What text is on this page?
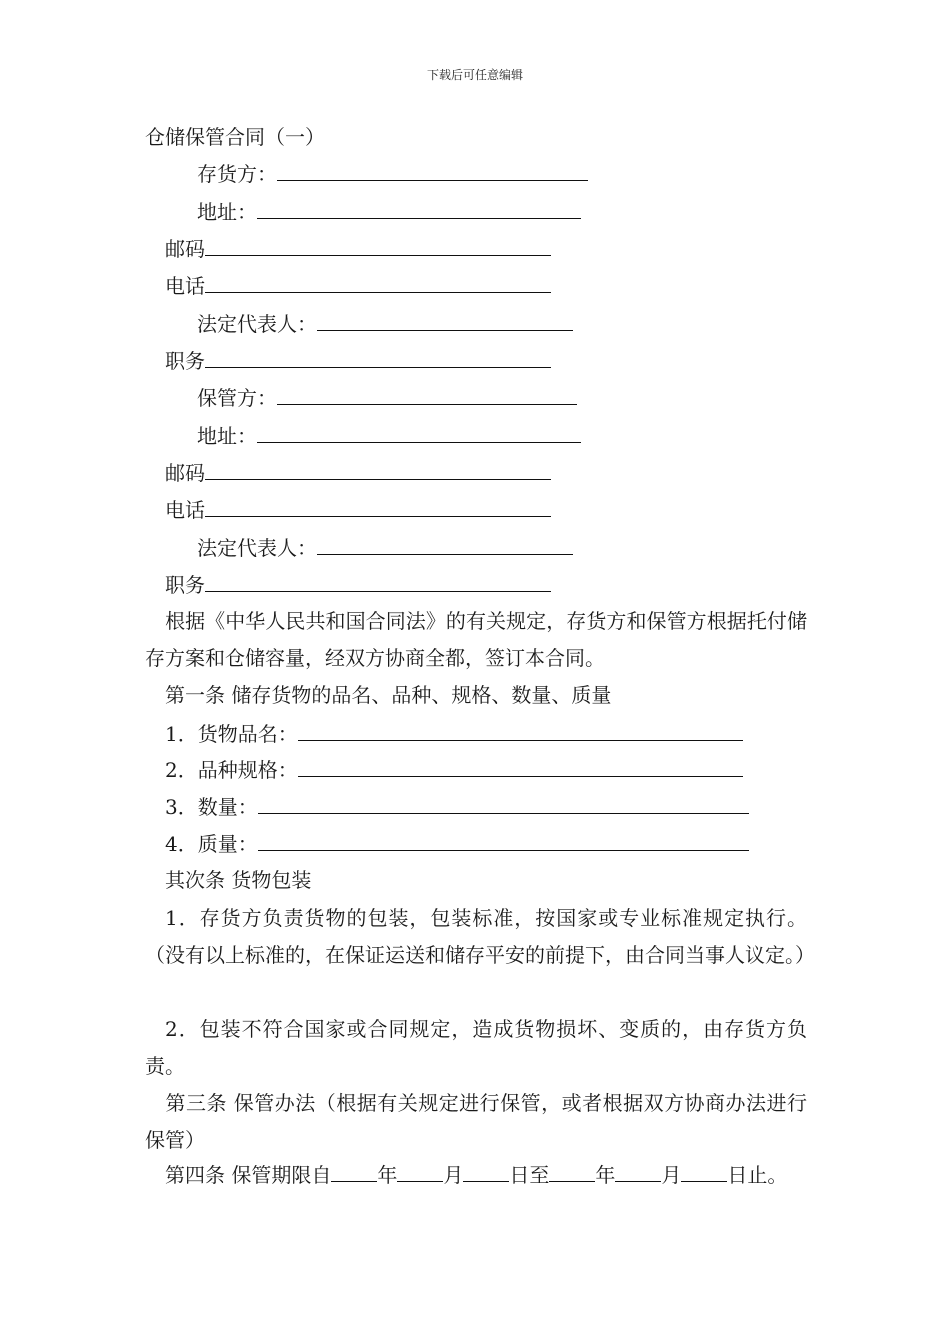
下载后可任意编辑
仓储保管合同（一）
存货方：
地址：
邮码
电话
法定代表人：
职务
保管方：
地址：
邮码
电话
法定代表人：
职务
根据《中华人民共和国合同法》的有关规定，存货方和保管方根据托付储存方案和仓储容量，经双方协商全都，签订本合同。
第一条 储存货物的品名、品种、规格、数量、质量
1．货物品名：
2．品种规格：
3．数量：
4．质量：
其次条 货物包装
1．存货方负责货物的包装，包装标准，按国家或专业标准规定执行。（没有以上标准的，在保证运送和储存平安的前提下，由合同当事人议定。）
2．包装不符合国家或合同规定，造成货物损坏、变质的，由存货方负责。
第三条 保管办法（根据有关规定进行保管，或者根据双方协商办法进行保管）
第四条 保管期限自 年 月 日至 年 月 日止。
